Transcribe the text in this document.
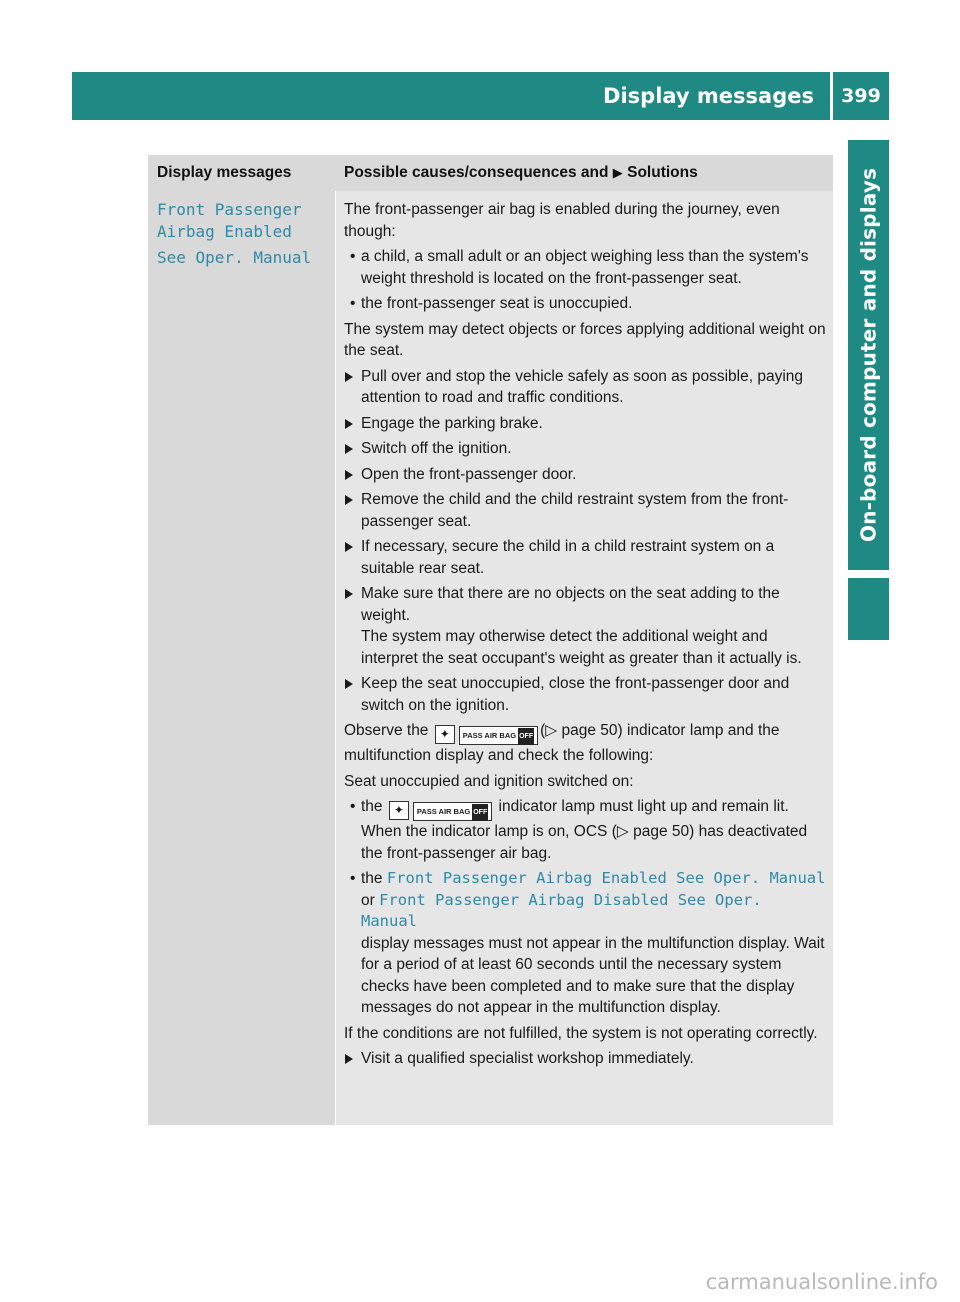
Display messages	399
On-board computer and displays
Display messages	Possible causes/consequences and ▶ Solutions
Front Passenger
Airbag Enabled
See Oper. Manual

The front-passenger air bag is enabled during the journey, even though:

• a child, a small adult or an object weighing less than the system's weight threshold is located on the front-passenger seat.
• the front-passenger seat is unoccupied.

The system may detect objects or forces applying additional weight on the seat.

Pull over and stop the vehicle safely as soon as possible, paying attention to road and traffic conditions.
Engage the parking brake.
Switch off the ignition.
Open the front-passenger door.
Remove the child and the child restraint system from the front-passenger seat.
If necessary, secure the child in a child restraint system on a suitable rear seat.
Make sure that there are no objects on the seat adding to the weight.
The system may otherwise detect the additional weight and interpret the seat occupant's weight as greater than it actually is.
Keep the seat unoccupied, close the front-passenger door and switch on the ignition.

Observe the ✦ PASS AIR BAG OFF (▷ page 50) indicator lamp and the multifunction display and check the following:

Seat unoccupied and ignition switched on:

• the ✦ PASS AIR BAG OFF indicator lamp must light up and remain lit. When the indicator lamp is on, OCS (▷ page 50) has deactivated the front-passenger air bag.
• the Front Passenger Airbag Enabled See Oper. Manual
or Front Passenger Airbag Disabled See Oper. Manual
display messages must not appear in the multifunction display. Wait for a period of at least 60 seconds until the necessary system checks have been completed and to make sure that the display messages do not appear in the multifunction display.

If the conditions are not fulfilled, the system is not operating correctly.

Visit a qualified specialist workshop immediately.
carmanualsonline.info
